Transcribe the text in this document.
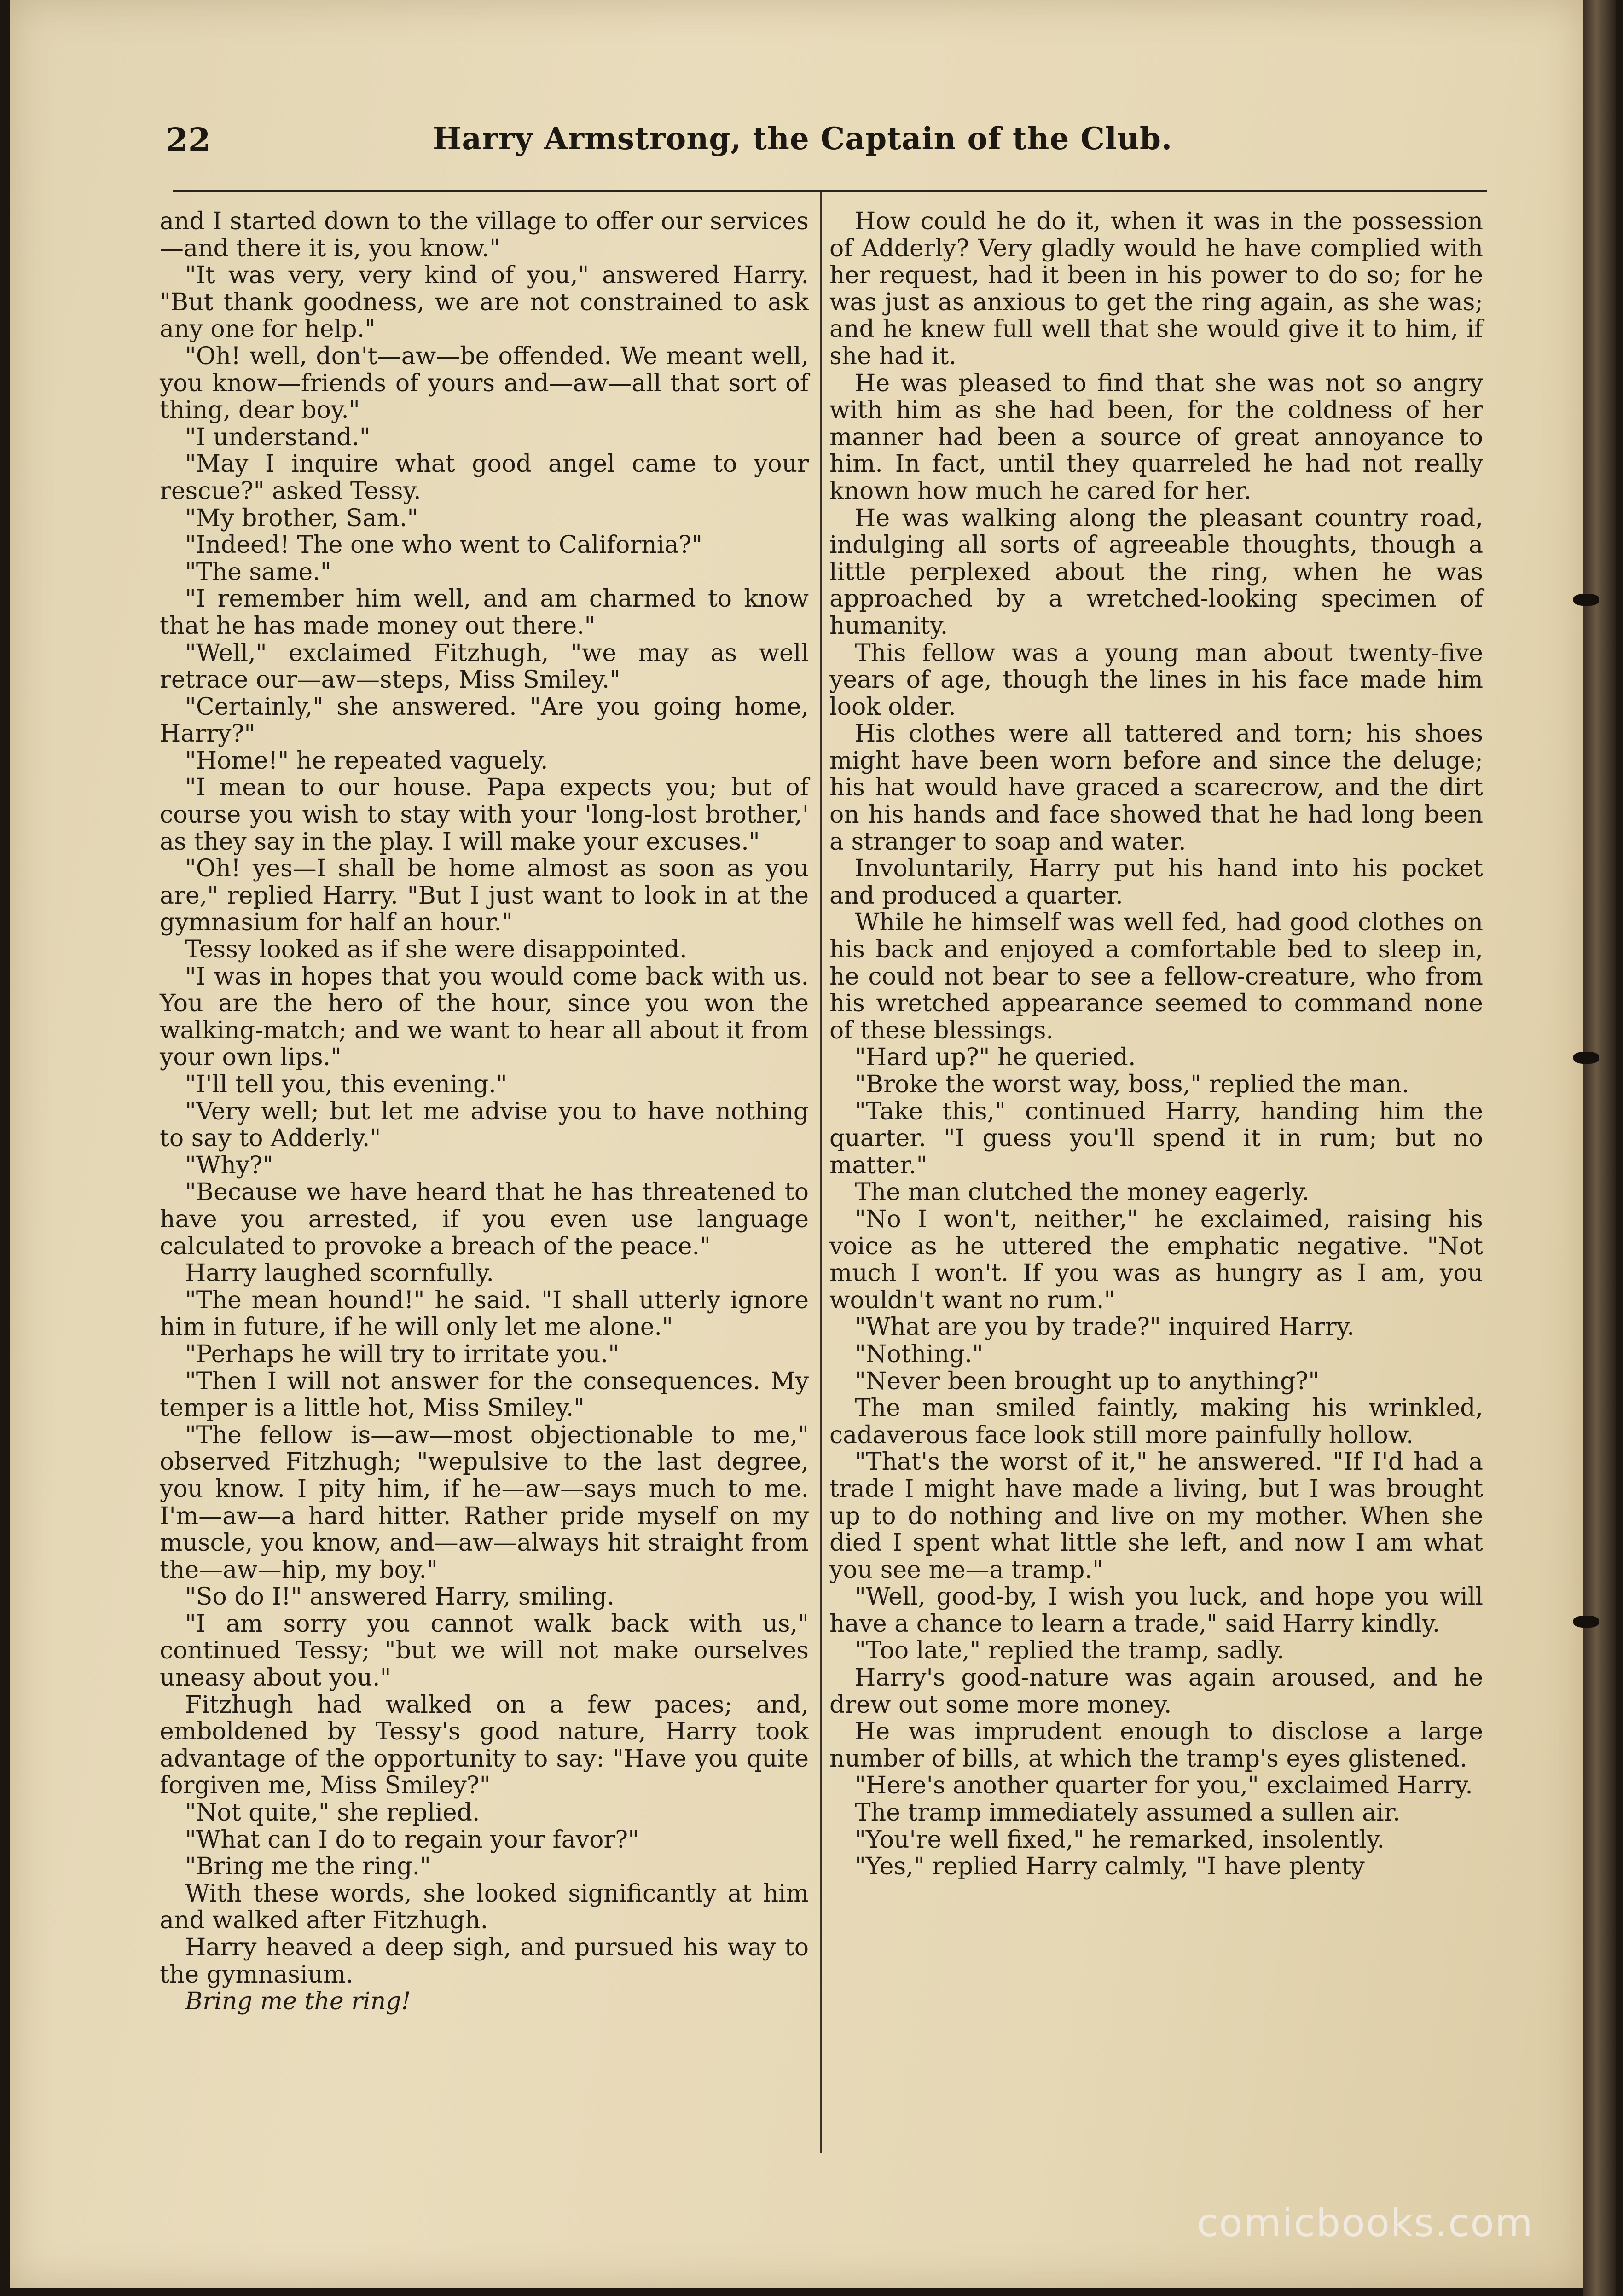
22	Harry Armstrong, the Captain of the Club.

and I started down to the village to offer our services—and there it is, you know."

"It was very, very kind of you," answered Harry. "But thank goodness, we are not constrained to ask any one for help."

"Oh! well, don't—aw—be offended. We meant well, you know—friends of yours and—aw—all that sort of thing, dear boy."

"I understand."

"May I inquire what good angel came to your rescue?" asked Tessy.

"My brother, Sam."

"Indeed! The one who went to California?"

"The same."

"I remember him well, and am charmed to know that he has made money out there."

"Well," exclaimed Fitzhugh, "we may as well retrace our—aw—steps, Miss Smiley."

"Certainly," she answered. "Are you going home, Harry?"

"Home!" he repeated vaguely.

"I mean to our house. Papa expects you; but of course you wish to stay with your 'long-lost brother,' as they say in the play. I will make your excuses."

"Oh! yes—I shall be home almost as soon as you are," replied Harry. "But I just want to look in at the gymnasium for half an hour."

Tessy looked as if she were disappointed.

"I was in hopes that you would come back with us. You are the hero of the hour, since you won the walking-match; and we want to hear all about it from your own lips."

"I'll tell you, this evening."

"Very well; but let me advise you to have nothing to say to Adderly."

"Why?"

"Because we have heard that he has threatened to have you arrested, if you even use language calculated to provoke a breach of the peace."

Harry laughed scornfully.

"The mean hound!" he said. "I shall utterly ignore him in future, if he will only let me alone."

"Perhaps he will try to irritate you."

"Then I will not answer for the consequences. My temper is a little hot, Miss Smiley."

"The fellow is—aw—most objectionable to me," observed Fitzhugh; "wepulsive to the last degree, you know. I pity him, if he—aw—says much to me. I'm—aw—a hard hitter. Rather pride myself on my muscle, you know, and—aw—always hit straight from the—aw—hip, my boy."

"So do I!" answered Harry, smiling.

"I am sorry you cannot walk back with us," continued Tessy; "but we will not make ourselves uneasy about you."

Fitzhugh had walked on a few paces; and, emboldened by Tessy's good nature, Harry took advantage of the opportunity to say: "Have you quite forgiven me, Miss Smiley?"

"Not quite," she replied.

"What can I do to regain your favor?"

"Bring me the ring."

With these words, she looked significantly at him and walked after Fitzhugh.

Harry heaved a deep sigh, and pursued his way to the gymnasium.

Bring me the ring!

How could he do it, when it was in the possession of Adderly? Very gladly would he have complied with her request, had it been in his power to do so; for he was just as anxious to get the ring again, as she was; and he knew full well that she would give it to him, if she had it.

He was pleased to find that she was not so angry with him as she had been, for the coldness of her manner had been a source of great annoyance to him. In fact, until they quarreled he had not really known how much he cared for her.

He was walking along the pleasant country road, indulging all sorts of agreeable thoughts, though a little perplexed about the ring, when he was approached by a wretched-looking specimen of humanity.

This fellow was a young man about twenty-five years of age, though the lines in his face made him look older.

His clothes were all tattered and torn; his shoes might have been worn before and since the deluge; his hat would have graced a scarecrow, and the dirt on his hands and face showed that he had long been a stranger to soap and water.

Involuntarily, Harry put his hand into his pocket and produced a quarter.

While he himself was well fed, had good clothes on his back and enjoyed a comfortable bed to sleep in, he could not bear to see a fellow-creature, who from his wretched appearance seemed to command none of these blessings.

"Hard up?" he queried.

"Broke the worst way, boss," replied the man.

"Take this," continued Harry, handing him the quarter. "I guess you'll spend it in rum; but no matter."

The man clutched the money eagerly.

"No I won't, neither," he exclaimed, raising his voice as he uttered the emphatic negative. "Not much I won't. If you was as hungry as I am, you wouldn't want no rum."

"What are you by trade?" inquired Harry.

"Nothing."

"Never been brought up to anything?"

The man smiled faintly, making his wrinkled, cadaverous face look still more painfully hollow.

"That's the worst of it," he answered. "If I'd had a trade I might have made a living, but I was brought up to do nothing and live on my mother. When she died I spent what little she left, and now I am what you see me—a tramp."

"Well, good-by, I wish you luck, and hope you will have a chance to learn a trade," said Harry kindly.

"Too late," replied the tramp, sadly.

Harry's good-nature was again aroused, and he drew out some more money.

He was imprudent enough to disclose a large number of bills, at which the tramp's eyes glistened.

"Here's another quarter for you," exclaimed Harry.

The tramp immediately assumed a sullen air.

"You're well fixed," he remarked, insolently.

"Yes," replied Harry calmly, "I have plenty

comicbooks.com
